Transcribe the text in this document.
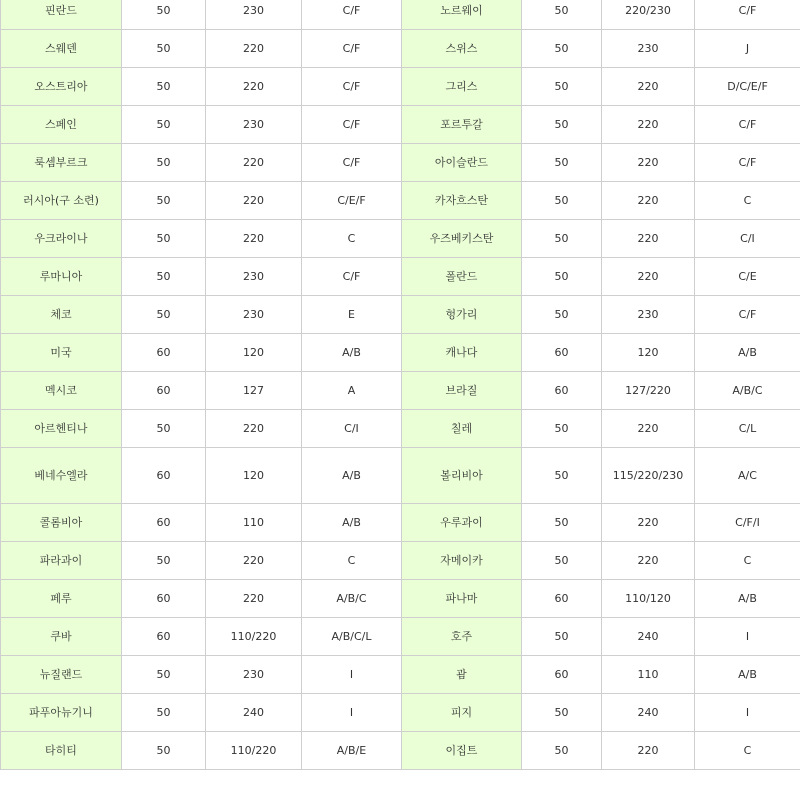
핀란드	50	230	C/F	노르웨이	50	220/230	C/F
스웨덴	50	220	C/F	스위스	50	230	J
오스트리아	50	220	C/F	그리스	50	220	D/C/E/F
스페인	50	230	C/F	포르투갈	50	220	C/F
룩셈부르크	50	220	C/F	아이슬란드	50	220	C/F
러시아(구 소련)	50	220	C/E/F	카자흐스탄	50	220	C
우크라이나	50	220	C	우즈베키스탄	50	220	C/I
루마니아	50	230	C/F	폴란드	50	220	C/E
체코	50	230	E	헝가리	50	230	C/F
미국	60	120	A/B	캐나다	60	120	A/B
멕시코	60	127	A	브라질	60	127/220	A/B/C
아르헨티나	50	220	C/I	칠레	50	220	C/L
베네수엘라	60	120	A/B	볼리비아	50	115/220/230	A/C
콜롬비아	60	110	A/B	우루과이	50	220	C/F/I
파라과이	50	220	C	자메이카	50	220	C
페루	60	220	A/B/C	파나마	60	110/120	A/B
쿠바	60	110/220	A/B/C/L	호주	50	240	I
뉴질랜드	50	230	I	괌	60	110	A/B
파푸아뉴기니	50	240	I	피지	50	240	I
타히티	50	110/220	A/B/E	이집트	50	220	C
